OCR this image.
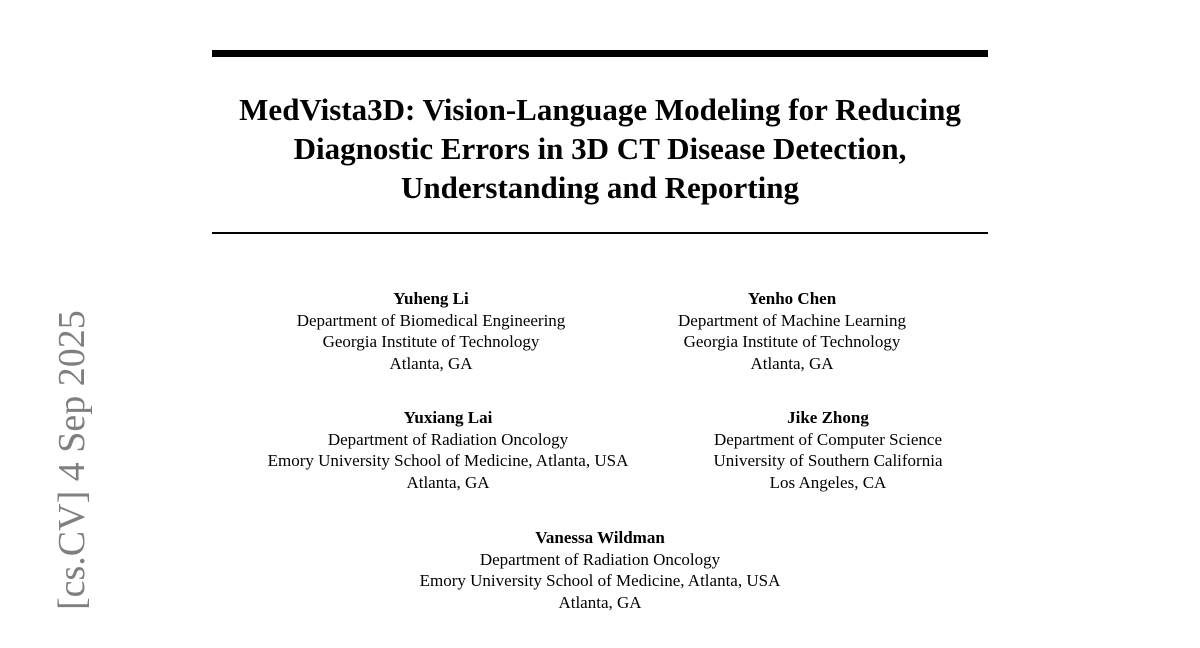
[cs.CV] 4 Sep 2025
MedVista3D: Vision-Language Modeling for Reducing
Diagnostic Errors in 3D CT Disease Detection,
Understanding and Reporting
Yuheng Li
Department of Biomedical Engineering
Georgia Institute of Technology
Atlanta, GA
Yenho Chen
Department of Machine Learning
Georgia Institute of Technology
Atlanta, GA
Yuxiang Lai
Department of Radiation Oncology
Emory University School of Medicine, Atlanta, USA
Atlanta, GA
Jike Zhong
Department of Computer Science
University of Southern California
Los Angeles, CA
Vanessa Wildman
Department of Radiation Oncology
Emory University School of Medicine, Atlanta, USA
Atlanta, GA
